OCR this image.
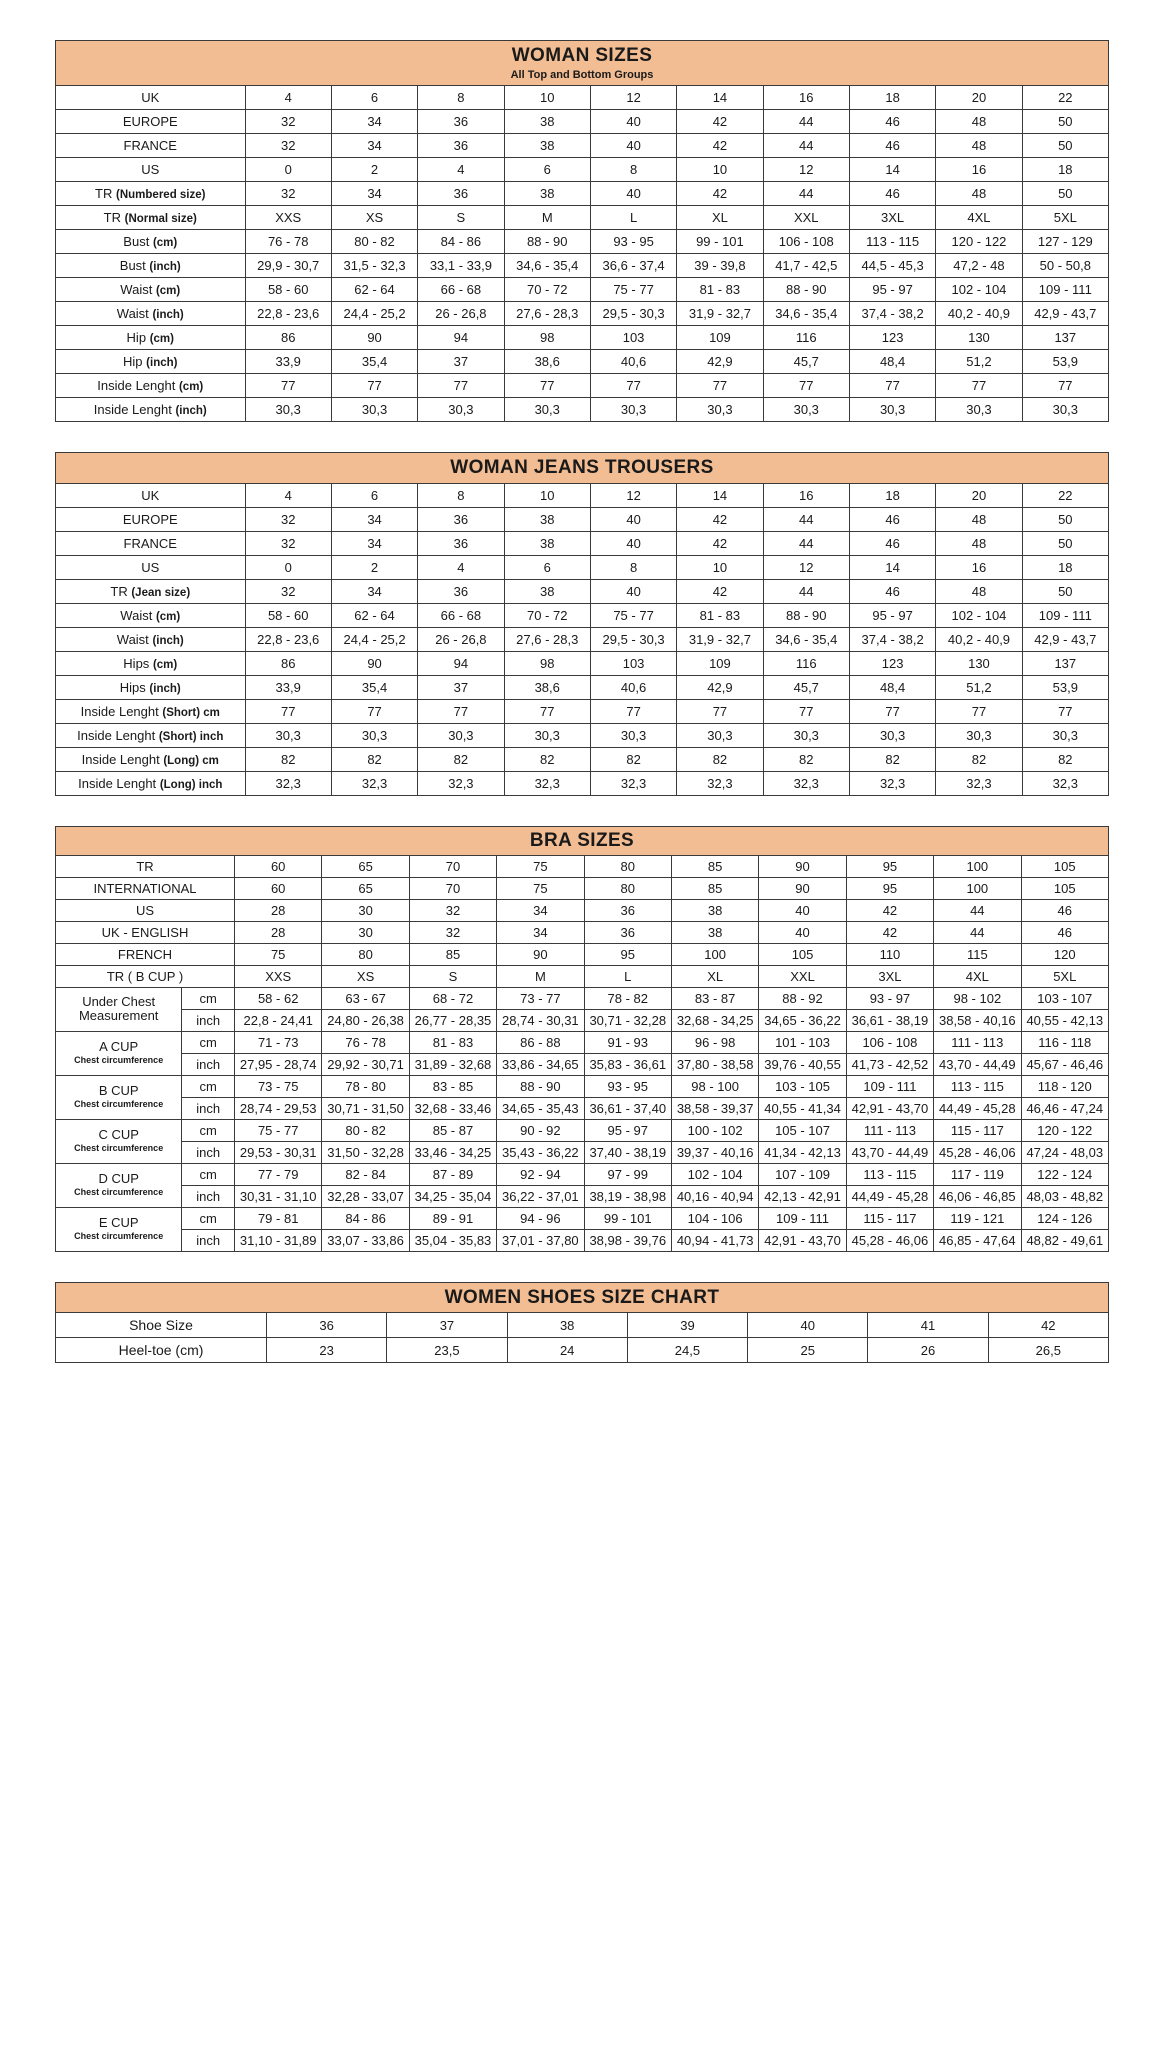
WOMAN SIZES
All Top and Bottom Groups										

UK	4	6	8	10	12	14	16	18	20	22
EUROPE	32	34	36	38	40	42	44	46	48	50
FRANCE	32	34	36	38	40	42	44	46	48	50
US	0	2	4	6	8	10	12	14	16	18
TR (Numbered size)	32	34	36	38	40	42	44	46	48	50
TR (Normal size)	XXS	XS	S	M	L	XL	XXL	3XL	4XL	5XL
Bust (cm)	76 - 78	80 - 82	84 - 86	88 - 90	93 - 95	99 - 101	106 - 108	113 - 115	120 - 122	127 - 129
Bust (inch)	29,9 - 30,7	31,5 - 32,3	33,1 - 33,9	34,6 - 35,4	36,6 - 37,4	39 - 39,8	41,7 - 42,5	44,5 - 45,3	47,2 - 48	50 - 50,8
Waist (cm)	58 - 60	62 - 64	66 - 68	70 - 72	75 - 77	81 - 83	88 - 90	95 - 97	102 - 104	109 - 111
Waist (inch)	22,8 - 23,6	24,4 - 25,2	26 - 26,8	27,6 - 28,3	29,5 - 30,3	31,9 - 32,7	34,6 - 35,4	37,4 - 38,2	40,2 - 40,9	42,9 - 43,7
Hip (cm)	86	90	94	98	103	109	116	123	130	137
Hip (inch)	33,9	35,4	37	38,6	40,6	42,9	45,7	48,4	51,2	53,9
Inside Lenght (cm)	77	77	77	77	77	77	77	77	77	77
Inside Lenght (inch)	30,3	30,3	30,3	30,3	30,3	30,3	30,3	30,3	30,3	30,3
WOMAN JEANS TROUSERS										

UK	4	6	8	10	12	14	16	18	20	22
EUROPE	32	34	36	38	40	42	44	46	48	50
FRANCE	32	34	36	38	40	42	44	46	48	50
US	0	2	4	6	8	10	12	14	16	18
TR (Jean size)	32	34	36	38	40	42	44	46	48	50
Waist (cm)	58 - 60	62 - 64	66 - 68	70 - 72	75 - 77	81 - 83	88 - 90	95 - 97	102 - 104	109 - 111
Waist (inch)	22,8 - 23,6	24,4 - 25,2	26 - 26,8	27,6 - 28,3	29,5 - 30,3	31,9 - 32,7	34,6 - 35,4	37,4 - 38,2	40,2 - 40,9	42,9 - 43,7
Hips (cm)	86	90	94	98	103	109	116	123	130	137
Hips (inch)	33,9	35,4	37	38,6	40,6	42,9	45,7	48,4	51,2	53,9
Inside Lenght (Short) cm	77	77	77	77	77	77	77	77	77	77
Inside Lenght (Short) inch	30,3	30,3	30,3	30,3	30,3	30,3	30,3	30,3	30,3	30,3
Inside Lenght (Long) cm	82	82	82	82	82	82	82	82	82	82
Inside Lenght (Long) inch	32,3	32,3	32,3	32,3	32,3	32,3	32,3	32,3	32,3	32,3
BRA SIZES											

TR		60	65	70	75	80	85	90	95	100	105
INTERNATIONAL		60	65	70	75	80	85	90	95	100	105
US		28	30	32	34	36	38	40	42	44	46
UK - ENGLISH		28	30	32	34	36	38	40	42	44	46
FRENCH		75	80	85	90	95	100	105	110	115	120
TR ( B CUP )		XXS	XS	S	M	L	XL	XXL	3XL	4XL	5XL
Under Chest
Measurement	cm	58 - 62	63 - 67	68 - 72	73 - 77	78 - 82	83 - 87	88 - 92	93 - 97	98 - 102	103 - 107
	inch	22,8 - 24,41	24,80 - 26,38	26,77 - 28,35	28,74 - 30,31	30,71 - 32,28	32,68 - 34,25	34,65 - 36,22	36,61 - 38,19	38,58 - 40,16	40,55 - 42,13
A CUP
Chest circumference	cm	71 - 73	76 - 78	81 - 83	86 - 88	91 - 93	96 - 98	101 - 103	106 - 108	111 - 113	116 - 118
	inch	27,95 - 28,74	29,92 - 30,71	31,89 - 32,68	33,86 - 34,65	35,83 - 36,61	37,80 - 38,58	39,76 - 40,55	41,73 - 42,52	43,70 - 44,49	45,67 - 46,46
B CUP
Chest circumference	cm	73 - 75	78 - 80	83 - 85	88 - 90	93 - 95	98 - 100	103 - 105	109 - 111	113 - 115	118 - 120
	inch	28,74 - 29,53	30,71 - 31,50	32,68 - 33,46	34,65 - 35,43	36,61 - 37,40	38,58 - 39,37	40,55 - 41,34	42,91 - 43,70	44,49 - 45,28	46,46 - 47,24
C CUP
Chest circumference	cm	75 - 77	80 - 82	85 - 87	90 - 92	95 - 97	100 - 102	105 - 107	111 - 113	115 - 117	120 - 122
	inch	29,53 - 30,31	31,50 - 32,28	33,46 - 34,25	35,43 - 36,22	37,40 - 38,19	39,37 - 40,16	41,34 - 42,13	43,70 - 44,49	45,28 - 46,06	47,24 - 48,03
D CUP
Chest circumference	cm	77 - 79	82 - 84	87 - 89	92 - 94	97 - 99	102 - 104	107 - 109	113 - 115	117 - 119	122 - 124
	inch	30,31 - 31,10	32,28 - 33,07	34,25 - 35,04	36,22 - 37,01	38,19 - 38,98	40,16 - 40,94	42,13 - 42,91	44,49 - 45,28	46,06 - 46,85	48,03 - 48,82
E CUP
Chest circumference	cm	79 - 81	84 - 86	89 - 91	94 - 96	99 - 101	104 - 106	109 - 111	115 - 117	119 - 121	124 - 126
	inch	31,10 - 31,89	33,07 - 33,86	35,04 - 35,83	37,01 - 37,80	38,98 - 39,76	40,94 - 41,73	42,91 - 43,70	45,28 - 46,06	46,85 - 47,64	48,82 - 49,61
WOMEN SHOES SIZE CHART							

Shoe Size	36	37	38	39	40	41	42
Heel-toe (cm)	23	23,5	24	24,5	25	26	26,5
